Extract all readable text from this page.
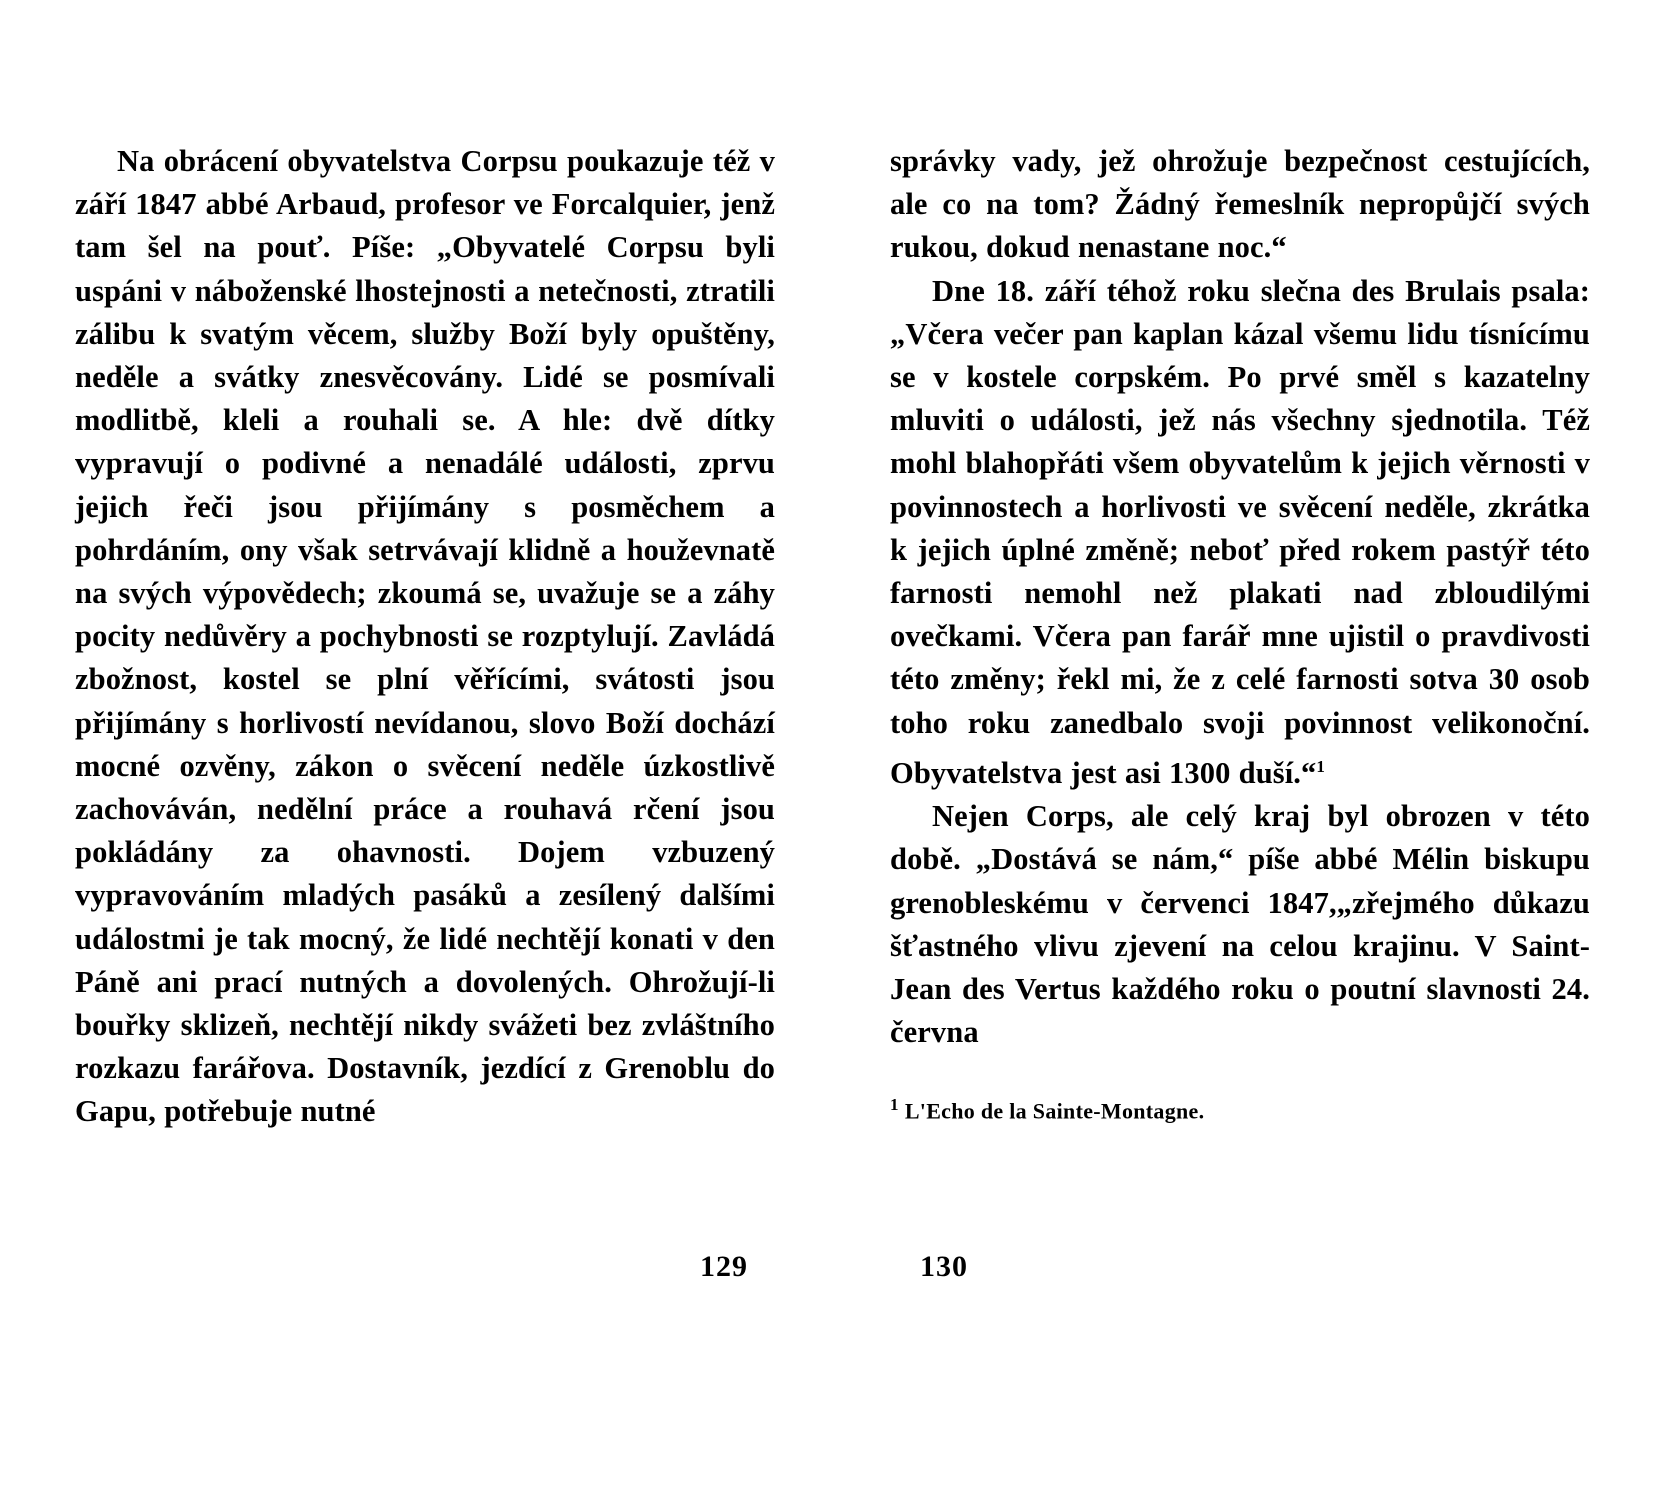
Na obrácení obyvatelstva Corpsu poukazuje též v září 1847 abbé Arbaud, profesor ve Forcalquier, jenž tam šel na pouť. Píše: „Obyvatelé Corpsu byli uspáni v náboženské lhostejnosti a netečnosti, ztratili zálibu k svatým věcem, služby Boží byly opuštěny, neděle a svátky znesvěcovány. Lidé se posmívali modlitbě, kleli a rouhali se. A hle: dvě dítky vypravují o podivné a nenadálé události, zprvu jejich řeči jsou přijímány s posměchem a pohrdáním, ony však setrvávají klidně a houževnatě na svých výpovědech; zkoumá se, uvažuje se a záhy pocity nedůvěry a pochybnosti se rozptylují. Zavládá zbožnost, kostel se plní věřícími, svátosti jsou přijímány s horlivostí nevídanou, slovo Boží dochází mocné ozvěny, zákon o svěcení neděle úzkostlivě zachováván, nedělní práce a rouhavá rčení jsou pokládány za ohavnosti. Dojem vzbuzený vypravováním mladých pasáků a zesílený dalšími událostmi je tak mocný, že lidé nechtějí konati v den Páně ani prací nutných a dovolených. Ohrožují-li bouřky sklizeň, nechtějí nikdy svážeti bez zvláštního rozkazu farářova. Dostavník, jezdící z Grenoblu do Gapu, potřebuje nutné

správky vady, jež ohrožuje bezpečnost cestujících, ale co na tom? Žádný řemeslník nepropůjčí svých rukou, dokud nenastane noc.“

Dne 18. září téhož roku slečna des Brulais psala: „Včera večer pan kaplan kázal všemu lidu tísnícímu se v kostele corpském. Po prvé směl s kazatelny mluviti o události, jež nás všechny sjednotila. Též mohl blahopřáti všem obyvatelům k jejich věrnosti v povinnostech a horlivosti ve svěcení neděle, zkrátka k jejich úplné změně; neboť před rokem pastýř této farnosti nemohl než plakati nad zbloudilými ovečkami. Včera pan farář mne ujistil o pravdivosti této změny; řekl mi, že z celé farnosti sotva 30 osob toho roku zanedbalo svoji povinnost velikonoční. Obyvatelstva jest asi 1300 duší.“$^1$

Nejen Corps, ale celý kraj byl obrozen v této době. „Dostává se nám,“ píše abbé Mélin biskupu grenobleskému v červenci 1847,„zřejmého důkazu šťastného vlivu zjevení na celou krajinu. V Saint-Jean des Vertus každého roku o poutní slavnosti 24. června

$^1$ L'Echo de la Sainte-Montagne.
129	130
